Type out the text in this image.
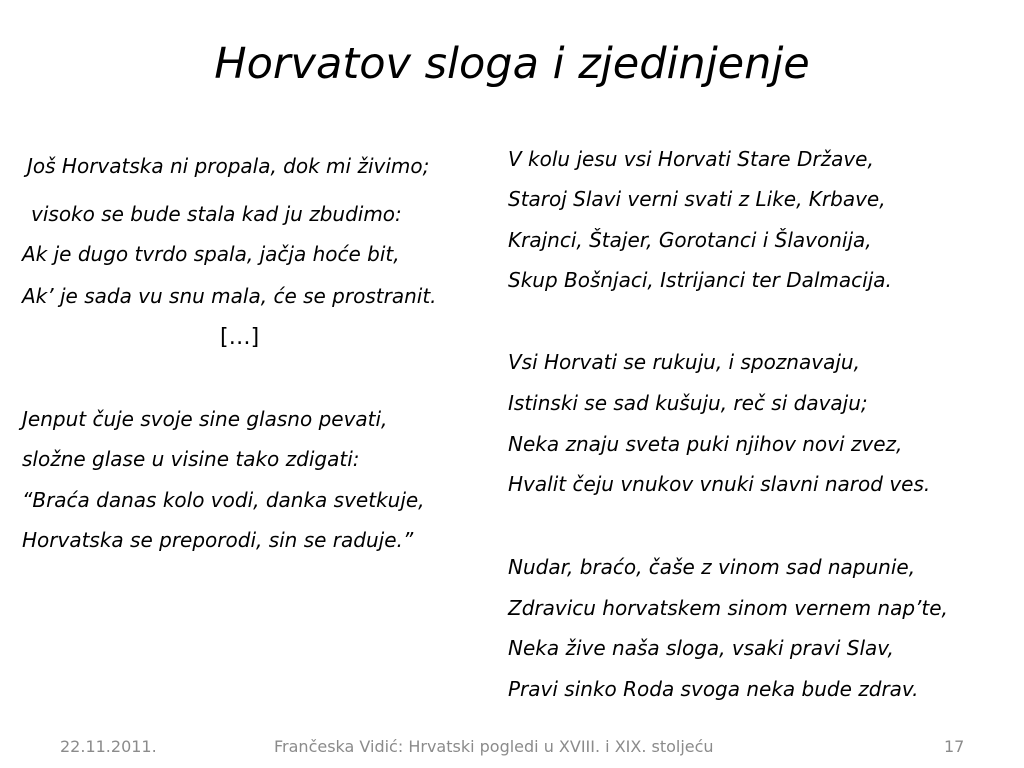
Horvatov sloga i zjedinjenje
Još Horvatska ni propala, dok mi živimo;
visoko se bude stala kad ju zbudimo:
Ak je dugo tvrdo spala, jačja hoće bit,
Ak’ je sada vu snu mala, će se prostranit.
[…]
Jenput čuje svoje sine glasno pevati,
složne glase u visine tako zdigati:
“Braća danas kolo vodi, danka svetkuje,
Horvatska se preporodi, sin se raduje.”
V kolu jesu vsi Horvati Stare Države,
Staroj Slavi verni svati z Like, Krbave,
Krajnci, Štajer, Gorotanci i Šlavonija,
Skup Bošnjaci, Istrijanci ter Dalmacija.
Vsi Horvati se rukuju, i spoznavaju,
Istinski se sad kušuju, reč si davaju;
Neka znaju sveta puki njihov novi zvez,
Hvalit čeju vnukov vnuki slavni narod ves.
Nudar, braćo, čaše z vinom sad napunie,
Zdravicu horvatskem sinom vernem nap’te,
Neka žive naša sloga, vsaki pravi Slav,
Pravi sinko Roda svoga neka bude zdrav.
22.11.2011.	Frančeska Vidić: Hrvatski pogledi u XVIII. i XIX. stoljeću	17
